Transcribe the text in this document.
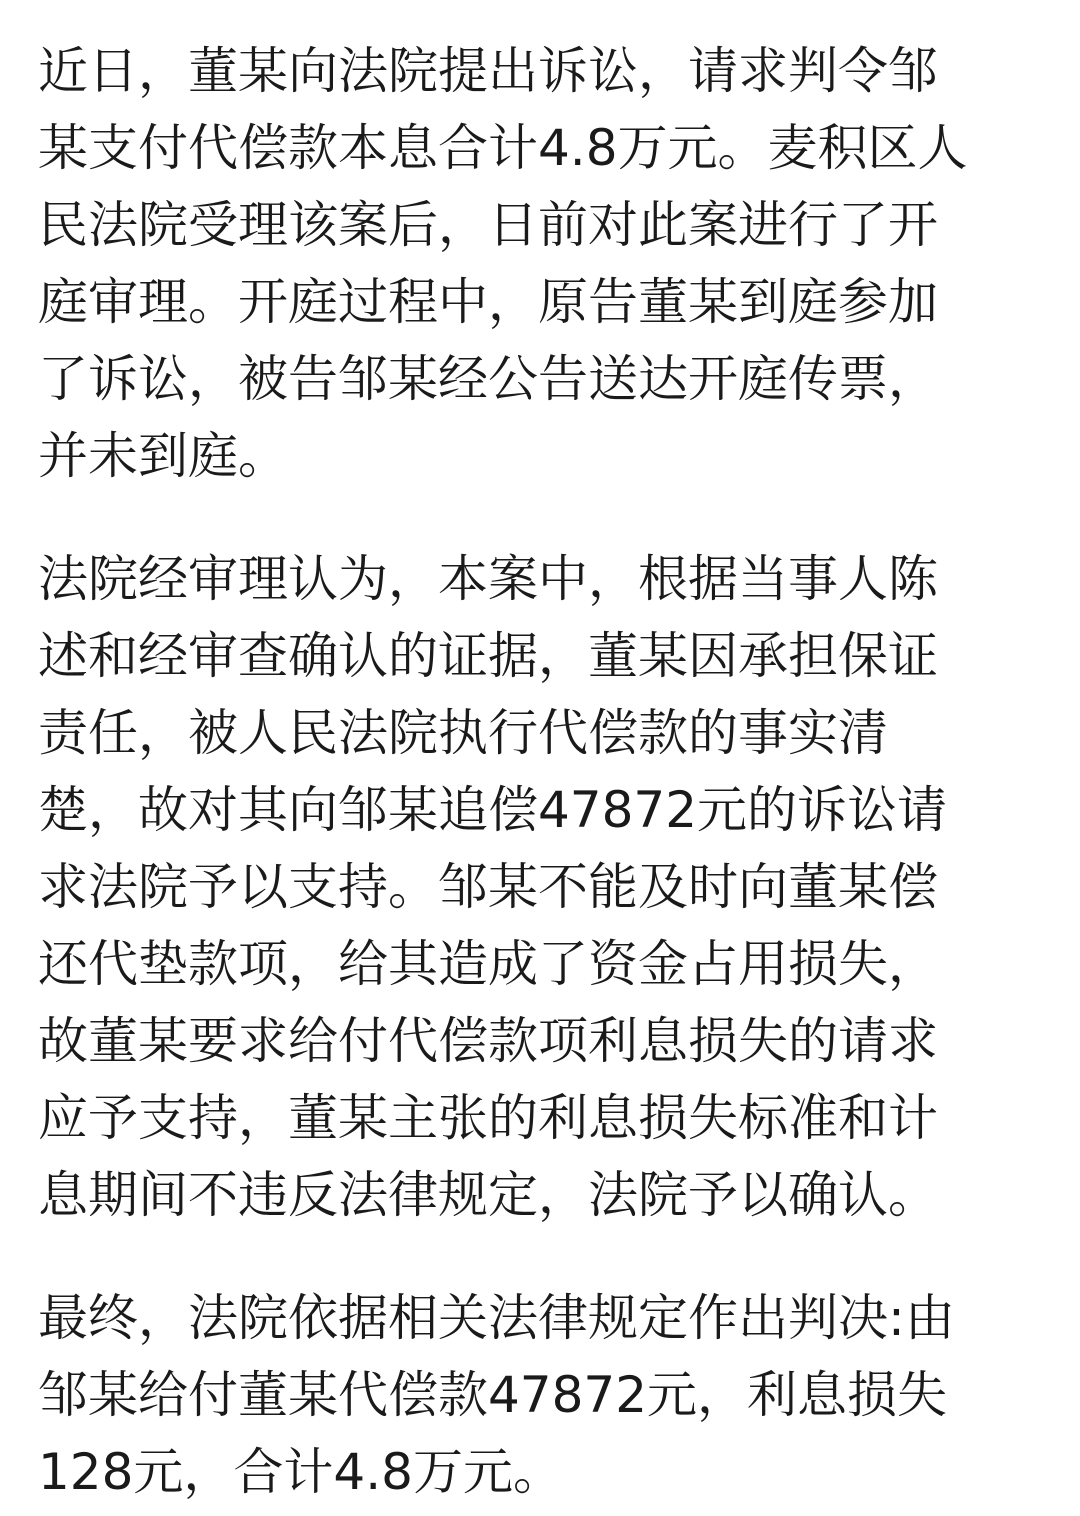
近日，董某向法院提出诉讼，请求判令邹
某支付代偿款本息合计4.8万元。麦积区人
民法院受理该案后，日前对此案进行了开
庭审理。开庭过程中，原告董某到庭参加
了诉讼，被告邹某经公告送达开庭传票，
并未到庭。
法院经审理认为，本案中，根据当事人陈
述和经审查确认的证据，董某因承担保证
责任，被人民法院执行代偿款的事实清
楚，故对其向邹某追偿47872元的诉讼请
求法院予以支持。邹某不能及时向董某偿
还代垫款项，给其造成了资金占用损失，
故董某要求给付代偿款项利息损失的请求
应予支持，董某主张的利息损失标准和计
息期间不违反法律规定，法院予以确认。
最终，法院依据相关法律规定作出判决:由
邹某给付董某代偿款47872元，利息损失
128元，合计4.8万元。
